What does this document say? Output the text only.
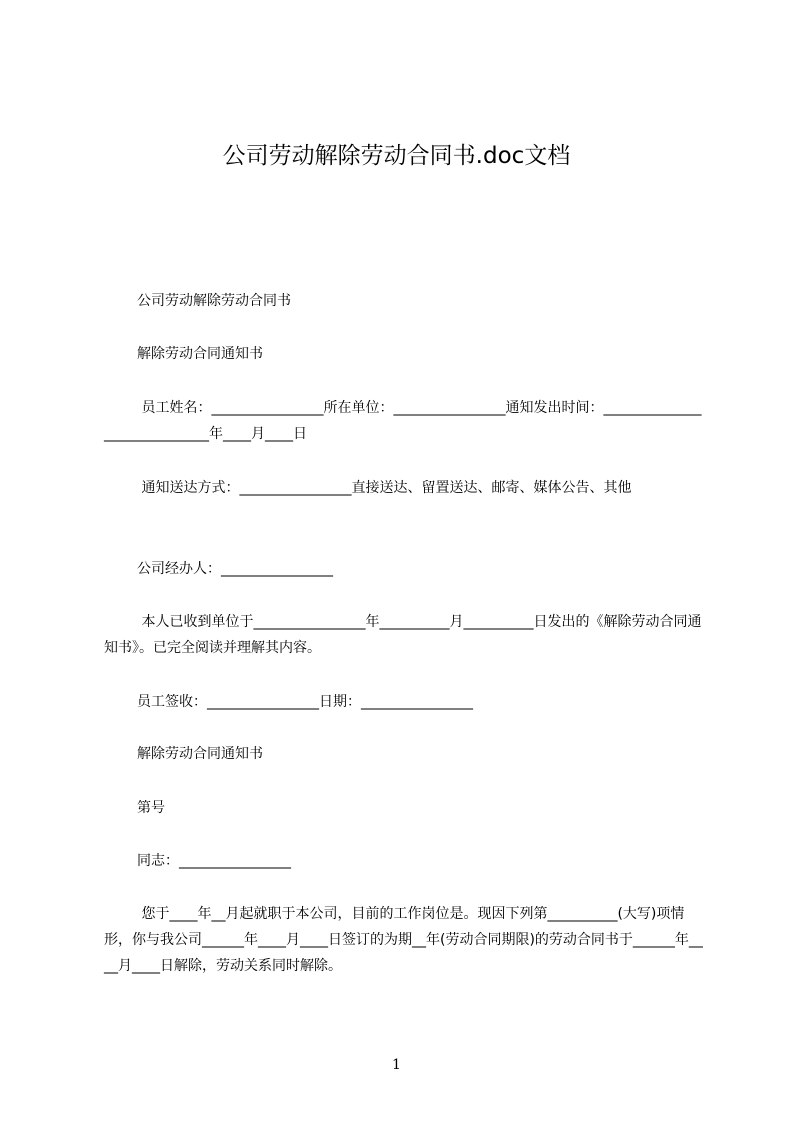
公司劳动解除劳动合同书.doc文档
公司劳动解除劳动合同书
解除劳动合同通知书
员工姓名：________________所在单位：________________通知发出时间：_____________________________年____月____日
通知送达方式：________________直接送达、留置送达、邮寄、媒体公告、其他
公司经办人：________________
本人已收到单位于________________年__________月__________日发出的《解除劳动合同通知书》。已完全阅读并理解其内容。
员工签收：________________日期：________________
解除劳动合同通知书
第号
同志：________________
您于____年__月起就职于本公司，目前的工作岗位是。现因下列第__________(大写)项情形，你与我公司______年____月____日签订的为期__年(劳动合同期限)的劳动合同书于______年____月____日解除，劳动关系同时解除。
1
